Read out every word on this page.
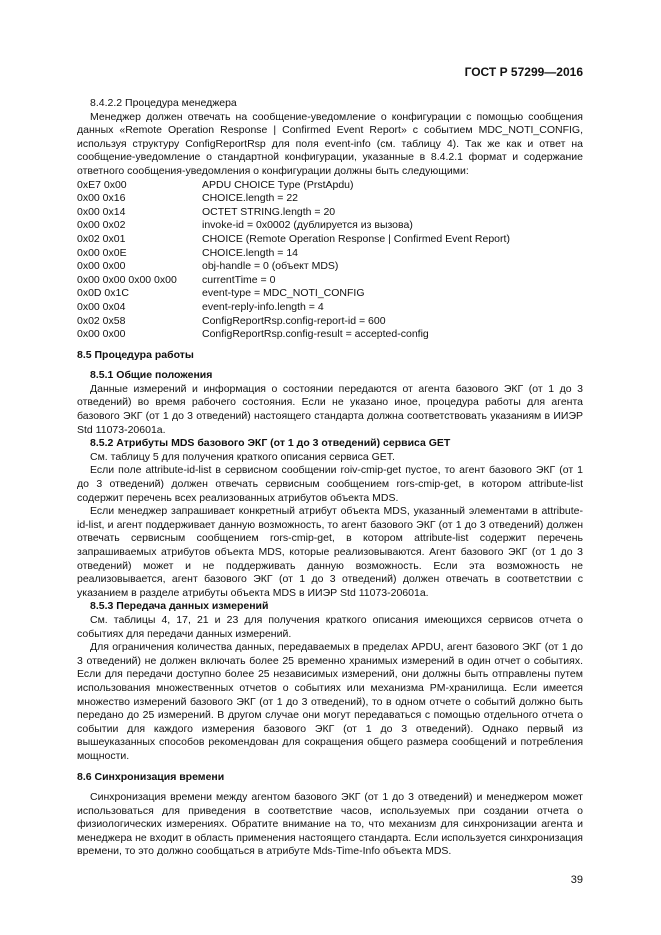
ГОСТ Р 57299—2016

8.4.2.2 Процедура менеджера

Менеджер должен отвечать на сообщение-уведомление о конфигурации с помощью сообщения данных «Remote Operation Response | Confirmed Event Report» с событием MDC_NOTI_CONFIG, используя структуру ConfigReportRsp для поля event-info (см. таблицу 4). Так же как и ответ на сообщение-уведомление о стандартной конфигурации, указанные в 8.4.2.1 формат и содержание ответного сообщения-уведомления о конфигурации должны быть следующими:

0xE7 0x00	APDU CHOICE Type (PrstApdu)
0x00 0x16	CHOICE.length = 22
0x00 0x14	OCTET STRING.length = 20
0x00 0x02	invoke-id = 0x0002 (дублируется из вызова)
0x02 0x01	CHOICE (Remote Operation Response | Confirmed Event Report)
0x00 0x0E	CHOICE.length = 14
0x00 0x00	obj-handle = 0 (объект MDS)
0x00 0x00 0x00 0x00	currentTime = 0
0x0D 0x1C	event-type = MDC_NOTI_CONFIG
0x00 0x04	event-reply-info.length = 4
0x02 0x58	ConfigReportRsp.config-report-id = 600
0x00 0x00	ConfigReportRsp.config-result = accepted-config

8.5 Процедура работы

8.5.1 Общие положения

Данные измерений и информация о состоянии передаются от агента базового ЭКГ (от 1 до 3 отведений) во время рабочего состояния. Если не указано иное, процедура работы для агента базового ЭКГ (от 1 до 3 отведений) настоящего стандарта должна соответствовать указаниям в ИИЭР Std 11073-20601а.

8.5.2 Атрибуты MDS базового ЭКГ (от 1 до 3 отведений) сервиса GET

См. таблицу 5 для получения краткого описания сервиса GET.

Если поле attribute-id-list в сервисном сообщении roiv-cmip-get пустое, то агент базового ЭКГ (от 1 до 3 отведений) должен отвечать сервисным сообщением rors-cmip-get, в котором attribute-list содержит перечень всех реализованных атрибутов объекта MDS.

Если менеджер запрашивает конкретный атрибут объекта MDS, указанный элементами в attribute-id-list, и агент поддерживает данную возможность, то агент базового ЭКГ (от 1 до 3 отведений) должен отвечать сервисным сообщением rors-cmip-get, в котором attribute-list содержит перечень запрашиваемых атрибутов объекта MDS, которые реализовываются. Агент базового ЭКГ (от 1 до 3 отведений) может и не поддерживать данную возможность. Если эта возможность не реализовывается, агент базового ЭКГ (от 1 до 3 отведений) должен отвечать в соответствии с указанием в разделе атрибуты объекта MDS в ИИЭР Std 11073-20601а.

8.5.3 Передача данных измерений

См. таблицы 4, 17, 21 и 23 для получения краткого описания имеющихся сервисов отчета о событиях для передачи данных измерений.

Для ограничения количества данных, передаваемых в пределах APDU, агент базового ЭКГ (от 1 до 3 отведений) не должен включать более 25 временно хранимых измерений в один отчет о событиях. Если для передачи доступно более 25 независимых измерений, они должны быть отправлены путем использования множественных отчетов о событиях или механизма PM-хранилища. Если имеется множество измерений базового ЭКГ (от 1 до 3 отведений), то в одном отчете о событий должно быть передано до 25 измерений. В другом случае они могут передаваться с помощью отдельного отчета о событии для каждого измерения базового ЭКГ (от 1 до 3 отведений). Однако первый из вышеуказанных способов рекомендован для сокращения общего размера сообщений и потребления мощности.

8.6 Синхронизация времени

Синхронизация времени между агентом базового ЭКГ (от 1 до 3 отведений) и менеджером может использоваться для приведения в соответствие часов, используемых при создании отчета о физиологических измерениях. Обратите внимание на то, что механизм для синхронизации агента и менеджера не входит в область применения настоящего стандарта. Если используется синхронизация времени, то это должно сообщаться в атрибуте Mds-Time-Info объекта MDS.

39
